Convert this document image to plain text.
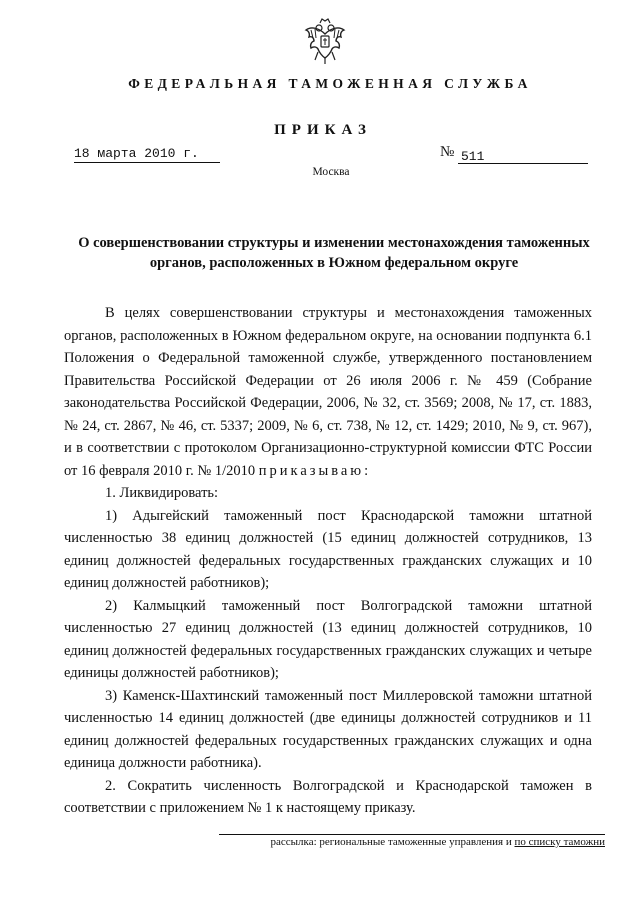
ФЕДЕРАЛЬНАЯ ТАМОЖЕННАЯ СЛУЖБА
ПРИКАЗ
18 марта 2010 г.	№ 511
Москва
О совершенствовании структуры и изменении местонахождения таможенных органов, расположенных в Южном федеральном округе

В целях совершенствовании структуры и местонахождения таможенных органов, расположенных в Южном федеральном округе, на основании подпункта 6.1 Положения о Федеральной таможенной службе, утвержденного постановлением Правительства Российской Федерации от 26 июля 2006 г. № 459 (Собрание законодательства Российской Федерации, 2006, № 32, ст. 3569; 2008, № 17, ст. 1883, № 24, ст. 2867, № 46, ст. 5337; 2009, № 6, ст. 738, № 12, ст. 1429; 2010, № 9, ст. 967), и в соответствии с протоколом Организационно-структурной комиссии ФТС России от 16 февраля 2010 г. № 1/2010 приказываю:

1. Ликвидировать:

1) Адыгейский таможенный пост Краснодарской таможни штатной численностью 38 единиц должностей (15 единиц должностей сотрудников, 13 единиц должностей федеральных государственных гражданских служащих и 10 единиц должностей работников);

2) Калмыцкий таможенный пост Волгоградской таможни штатной численностью 27 единиц должностей (13 единиц должностей сотрудников, 10 единиц должностей федеральных государственных гражданских служащих и четыре единицы должностей работников);

3) Каменск-Шахтинский таможенный пост Миллеровской таможни штатной численностью 14 единиц должностей (две единицы должностей сотрудников и 11 единиц должностей федеральных государственных гражданских служащих и одна единица должности работника).

2. Сократить численность Волгоградской и Краснодарской таможен в соответствии с приложением № 1 к настоящему приказу.

рассылка: региональные таможенные управления и по списку таможни
